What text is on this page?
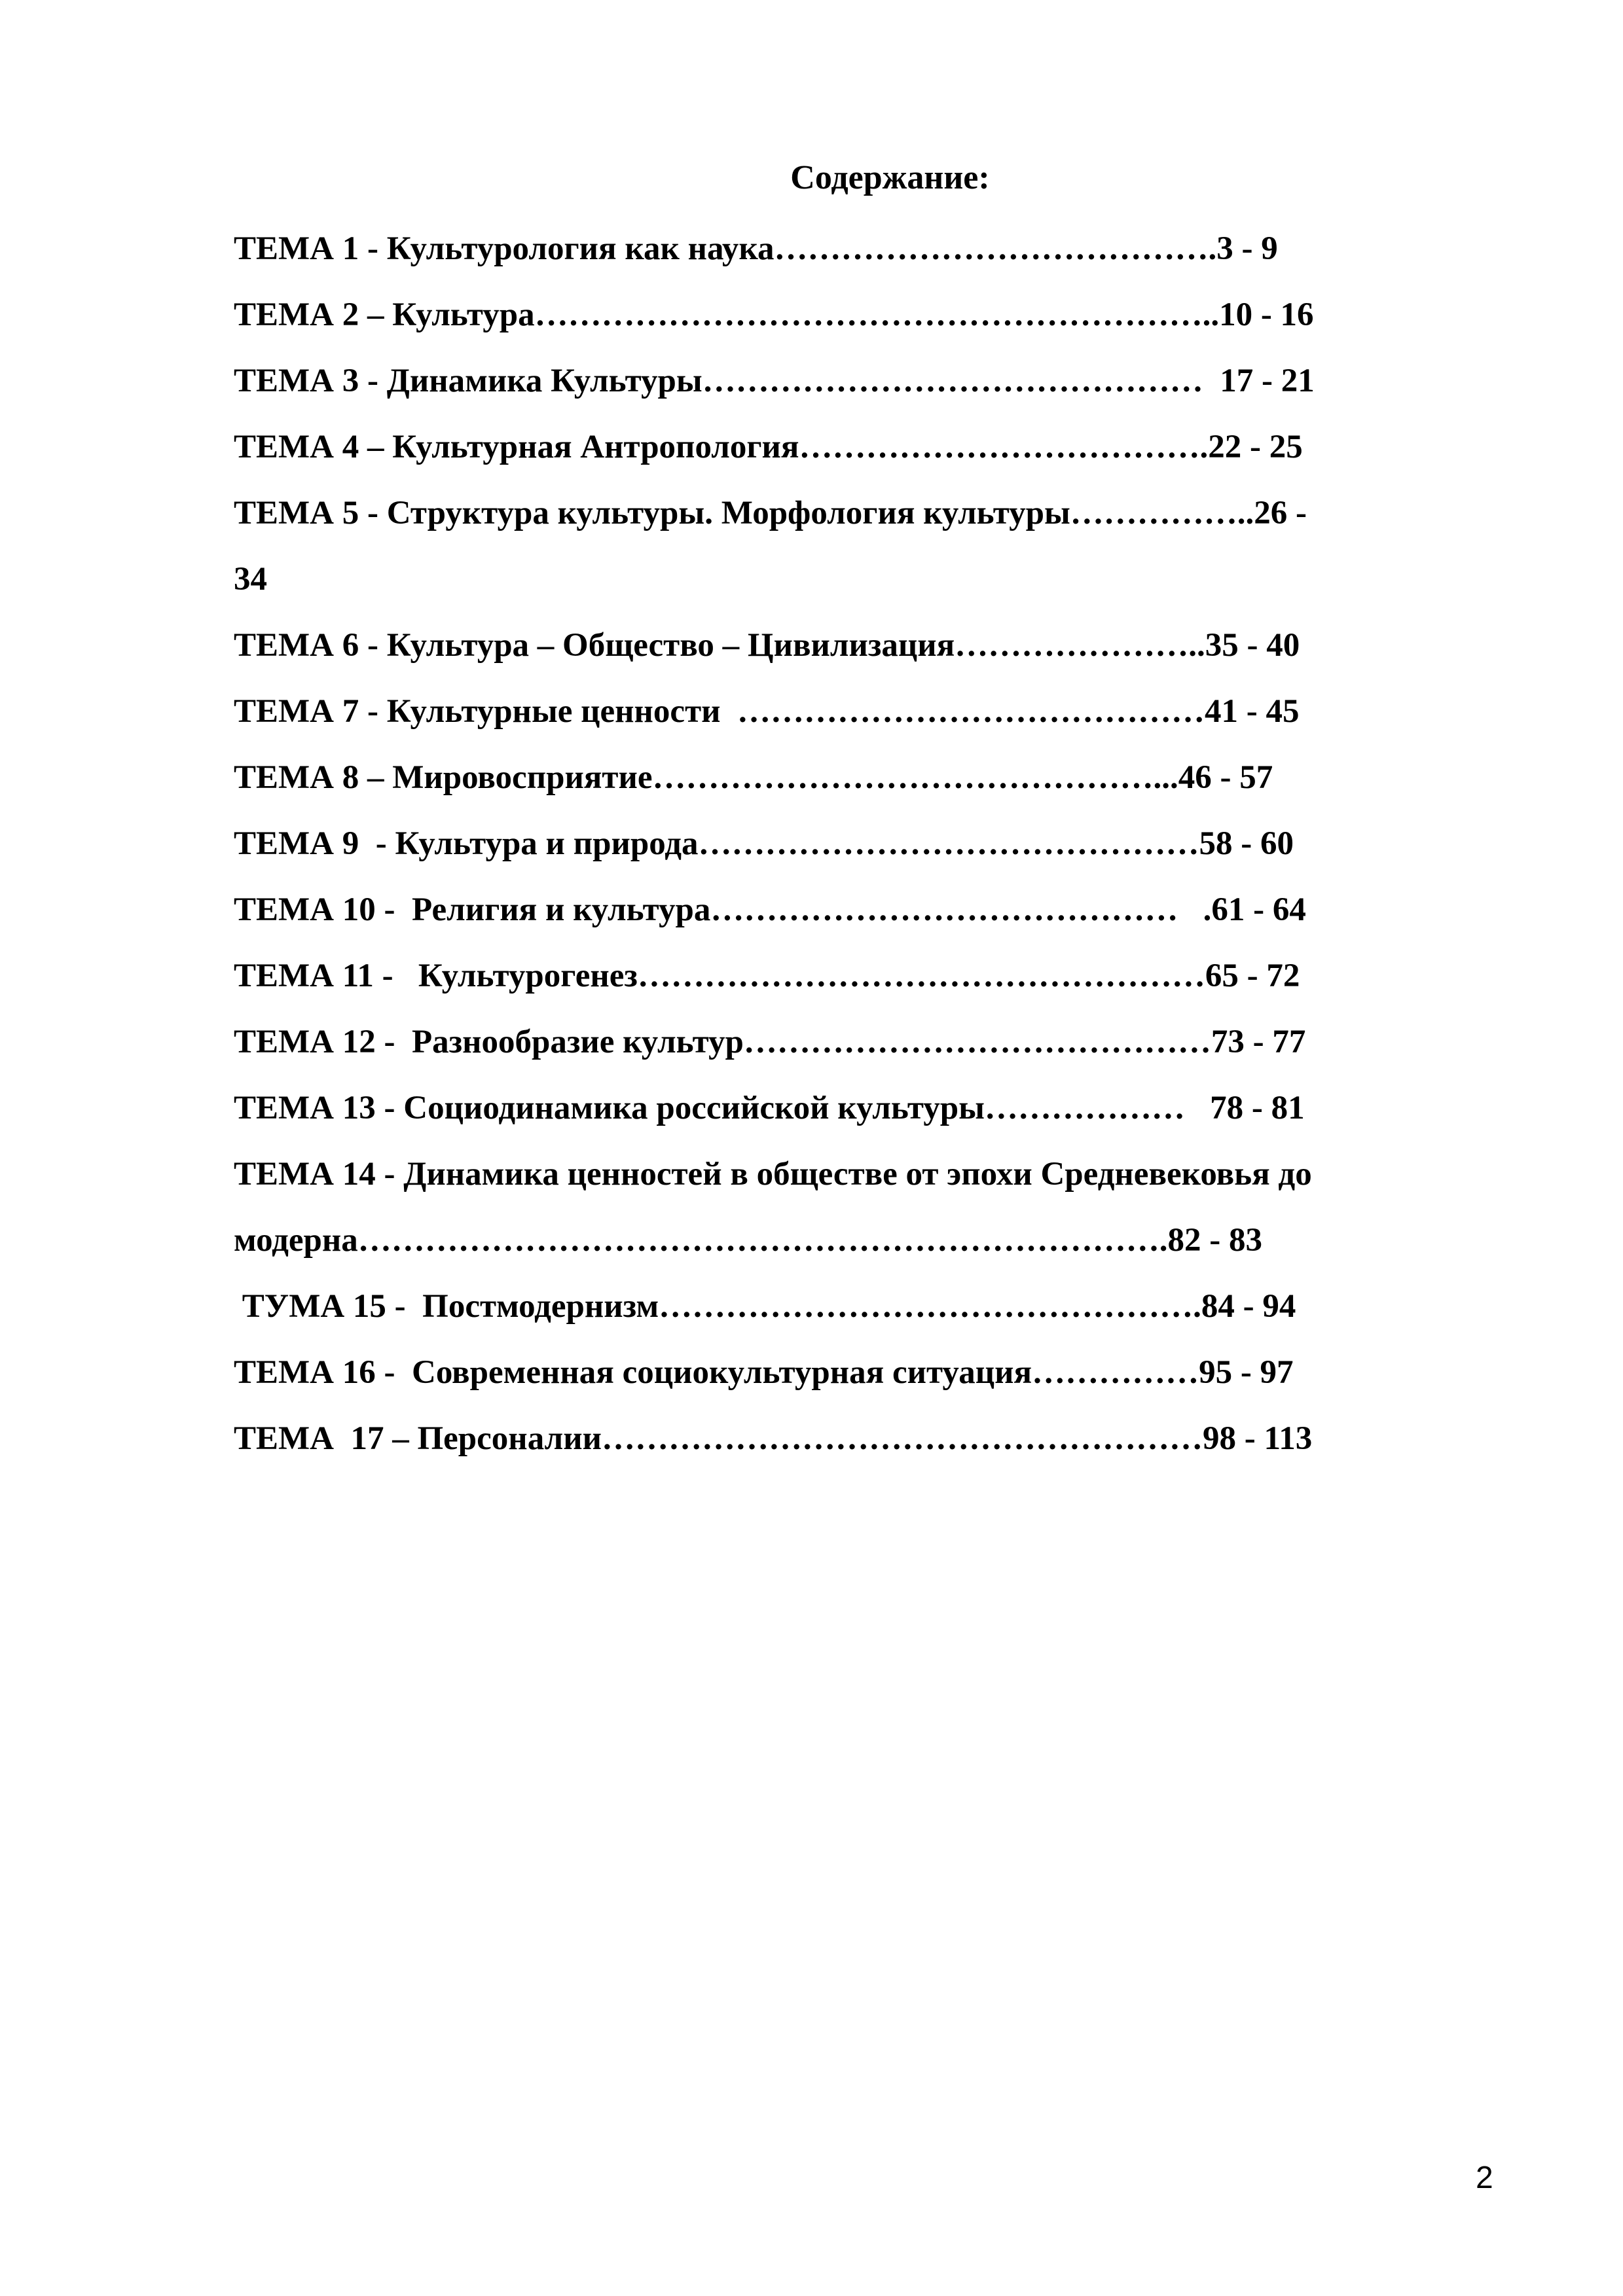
Содержание:
ТЕМА 1 - Культурология как наука………………………………….3 - 9
ТЕМА 2 – Культура……………………………………………………..10 - 16
ТЕМА 3 - Динамика Культуры………………………………………  17 - 21
ТЕМА 4 – Культурная Антропология……………………………….22 - 25
ТЕМА 5 - Структура культуры. Морфология культуры……………..26 -
34
ТЕМА 6 - Культура – Общество – Цивилизация…………………..35 - 40
ТЕМА 7 - Культурные ценности  ……………………………………41 - 45
ТЕМА 8 – Мировосприятие………………………………………...46 - 57
ТЕМА 9  - Культура и природа………………………………………58 - 60
ТЕМА 10 -  Религия и культура……………………………………   .61 - 64
ТЕМА 11 -   Культурогенез……………………………………………65 - 72
ТЕМА 12 -  Разнообразие культур……………………………………73 - 77
ТЕМА 13 - Социодинамика российской культуры………………   78 - 81
ТЕМА 14 - Динамика ценностей в обществе от эпохи Средневековья до
модерна……………………………………………………………….82 - 83
ТУМА 15 -  Постмодернизм………………………………………….84 - 94
ТЕМА 16 -  Современная социокультурная ситуация……………95 - 97
ТЕМА  17 – Персоналии………………………………………………98 - 113
2
